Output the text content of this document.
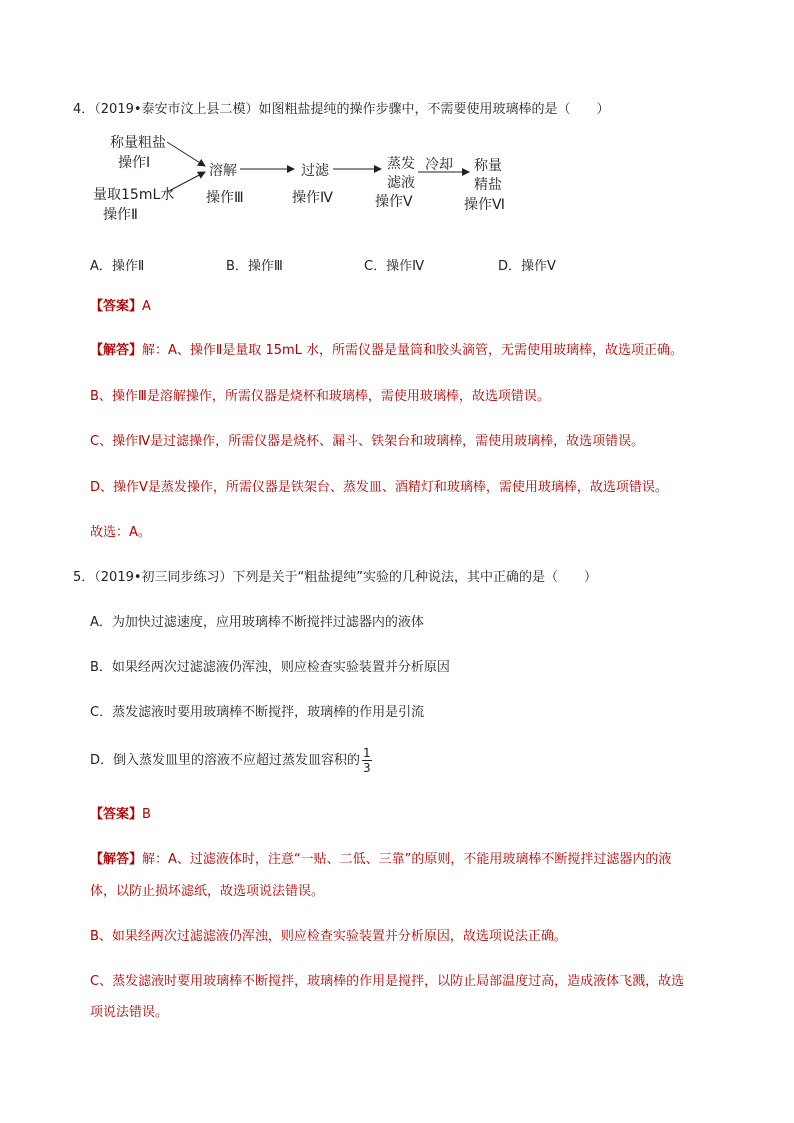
4．（2019•泰安市汶上县二模）如图粗盐提纯的操作步骤中，不需要使用玻璃棒的是（　　）
称量粗盐
操作Ⅰ
量取15mL水
操作Ⅱ
溶解
操作Ⅲ
过滤
操作Ⅳ
蒸发
滤液
操作Ⅴ
冷却 称量
精盐
操作Ⅵ
A．操作Ⅱ	B．操作Ⅲ	C．操作Ⅳ	D．操作Ⅴ
【答案】A
【解答】解：A、操作Ⅱ是量取 15mL 水，所需仪器是量筒和胶头滴管，无需使用玻璃棒，故选项正确。
B、操作Ⅲ是溶解操作，所需仪器是烧杯和玻璃棒，需使用玻璃棒，故选项错误。
C、操作Ⅳ是过滤操作，所需仪器是烧杯、漏斗、铁架台和玻璃棒，需使用玻璃棒，故选项错误。
D、操作Ⅴ是蒸发操作，所需仪器是铁架台、蒸发皿、酒精灯和玻璃棒，需使用玻璃棒，故选项错误。
故选：A。
5．（2019•初三同步练习）下列是关于“粗盐提纯”实验的几种说法，其中正确的是（　　）
A．为加快过滤速度，应用玻璃棒不断搅拌过滤器内的液体
B．如果经两次过滤滤液仍浑浊，则应检查实验装置并分析原因
C．蒸发滤液时要用玻璃棒不断搅拌，玻璃棒的作用是引流
D．倒入蒸发皿里的溶液不应超过蒸发皿容积的 $\frac{1}{3}$
【答案】B
【解答】解：A、过滤液体时，注意“一贴、二低、三靠”的原则，不能用玻璃棒不断搅拌过滤器内的液
体，以防止损坏滤纸，故选项说法错误。
B、如果经两次过滤滤液仍浑浊，则应检查实验装置并分析原因，故选项说法正确。
C、蒸发滤液时要用玻璃棒不断搅拌，玻璃棒的作用是搅拌，以防止局部温度过高，造成液体飞溅，故选
项说法错误。
